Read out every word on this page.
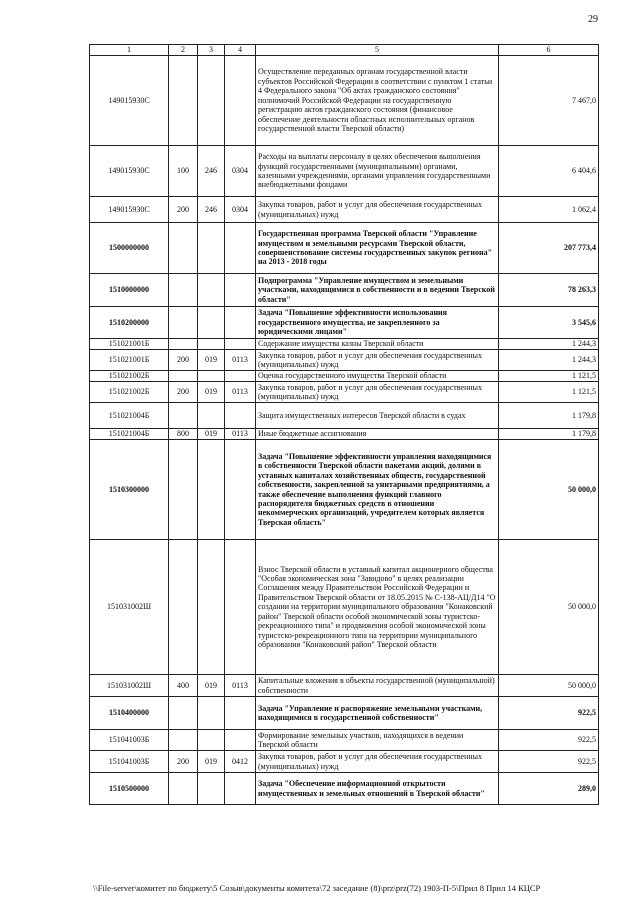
29
1	2	3	4	5	6
149015930С				Осуществление переданных органам государственной власти субъектов Российской Федерации в соответствии с пунктом 1 статьи 4 Федерального закона "Об актах гражданского состояния" полномочий Российской Федерации на государственную регистрацию актов гражданского состояния (финансовое обеспечение деятельности областных исполнительных органов государственной власти Тверской области)	7 467,0
149015930С	100	246	0304	Расходы на выплаты персоналу в целях обеспечения выполнения функций государственными (муниципальными) органами, казенными учреждениями, органами управления государственными внебюджетными фондами	6 404,6
149015930С	200	246	0304	Закупка товаров, работ и услуг для обеспечения государственных (муниципальных) нужд	1 062,4
1500000000				Государственная программа Тверской области "Управление имуществом и земельными ресурсами Тверской области, совершенствование системы государственных закупок региона" на 2013 - 2018 годы	207 773,4
1510000000				Подпрограмма "Управление имуществом и земельными участками, находящимися в собственности и в ведении Тверской области"	78 263,3
1510200000				Задача "Повышение эффективности использования государственного имущества, не закрепленного за юридическими лицами"	3 545,6
151021001Б				Содержание имущества казны Тверской области	1 244,3
151021001Б	200	019	0113	Закупка товаров, работ и услуг для обеспечения государственных (муниципальных) нужд	1 244,3
151021002Б				Оценка государственного имущества Тверской области	1 121,5
151021002Б	200	019	0113	Закупка товаров, работ и услуг для обеспечения государственных (муниципальных) нужд	1 121,5
151021004Б				Защита имущественных интересов Тверской области в судах	1 179,8
151021004Б	800	019	0113	Иные бюджетные ассигнования	1 179,8
1510300000				Задача "Повышение эффективности управления находящимися в собственности Тверской области пакетами акций, долями в уставных капиталах хозяйственных обществ, государственной собственности, закрепленной за унитарными предприятиями, а также обеспечение выполнения функций главного распорядителя бюджетных средств в отношении некоммерческих организаций, учредителем которых является Тверская область"	50 000,0
151031002Ш				Взнос Тверской области в уставный капитал акционерного общества "Особая экономическая зона "Завидово" в целях реализации Соглашения между Правительством Российской Федерации и Правительством Тверской области от 18.05.2015 № С-138-АЦ/Д14 "О создании на территории муниципального образования "Конаковский район" Тверской области особой экономической зоны туристско-рекреационного типа" и продвижения особой экономической зоны туристско-рекреационного типа на территории муниципального образования "Конаковский район" Тверской области	50 000,0
151031002Ш	400	019	0113	Капитальные вложения в объекты государственной (муниципальной) собственности	50 000,0
1510400000				Задача "Управление и распоряжение земельными участками, находящимися в государственной собственности"	922,5
151041003Б				Формирование земельных участков, находящихся в ведении Тверской области	922,5
151041003Б	200	019	0412	Закупка товаров, работ и услуг для обеспечения государственных (муниципальных) нужд	922,5
1510500000				Задача "Обеспечение информационной открытости имущественных и земельных отношений в Тверской области"	289,0
\\File-server\комитет по бюджету\5 Созыв\документы комитета\72 заседание (8)\prz\prz(72) 1903-П-5\Прил 8 Прил 14 КЦСР
